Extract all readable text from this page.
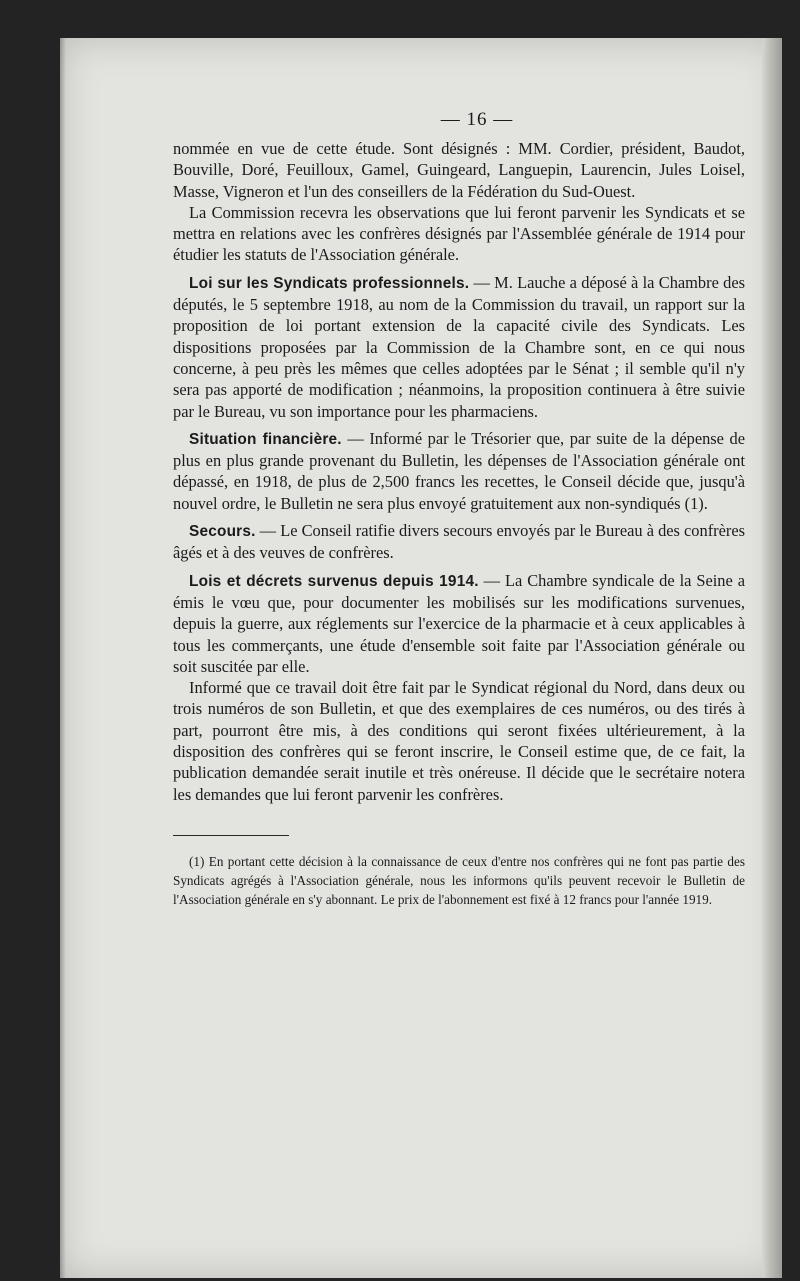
— 16 —

nommée en vue de cette étude. Sont désignés : MM. Cordier, président, Baudot, Bouville, Doré, Feuilloux, Gamel, Guingeard, Languepin, Laurencin, Jules Loisel, Masse, Vigneron et l'un des conseillers de la Fédération du Sud-Ouest.

La Commission recevra les observations que lui feront parvenir les Syndicats et se mettra en relations avec les confrères désignés par l'Assemblée générale de 1914 pour étudier les statuts de l'Association générale.

Loi sur les Syndicats professionnels. — M. Lauche a déposé à la Chambre des députés, le 5 septembre 1918, au nom de la Commission du travail, un rapport sur la proposition de loi portant extension de la capacité civile des Syndicats. Les dispositions proposées par la Commission de la Chambre sont, en ce qui nous concerne, à peu près les mêmes que celles adoptées par le Sénat ; il semble qu'il n'y sera pas apporté de modification ; néanmoins, la proposition continuera à être suivie par le Bureau, vu son importance pour les pharmaciens.

Situation financière. — Informé par le Trésorier que, par suite de la dépense de plus en plus grande provenant du Bulletin, les dépenses de l'Association générale ont dépassé, en 1918, de plus de 2,500 francs les recettes, le Conseil décide que, jusqu'à nouvel ordre, le Bulletin ne sera plus envoyé gratuitement aux non-syndiqués (1).

Secours. — Le Conseil ratifie divers secours envoyés par le Bureau à des confrères âgés et à des veuves de confrères.

Lois et décrets survenus depuis 1914. — La Chambre syndicale de la Seine a émis le vœu que, pour documenter les mobilisés sur les modifications survenues, depuis la guerre, aux réglements sur l'exercice de la pharmacie et à ceux applicables à tous les commerçants, une étude d'ensemble soit faite par l'Association générale ou soit suscitée par elle.

Informé que ce travail doit être fait par le Syndicat régional du Nord, dans deux ou trois numéros de son Bulletin, et que des exemplaires de ces numéros, ou des tirés à part, pourront être mis, à des conditions qui seront fixées ultérieurement, à la disposition des confrères qui se feront inscrire, le Conseil estime que, de ce fait, la publication demandée serait inutile et très onéreuse. Il décide que le secrétaire notera les demandes que lui feront parvenir les confrères.

(1) En portant cette décision à la connaissance de ceux d'entre nos confrères qui ne font pas partie des Syndicats agrégés à l'Association générale, nous les informons qu'ils peuvent recevoir le Bulletin de l'Association générale en s'y abonnant. Le prix de l'abonnement est fixé à 12 francs pour l'année 1919.
